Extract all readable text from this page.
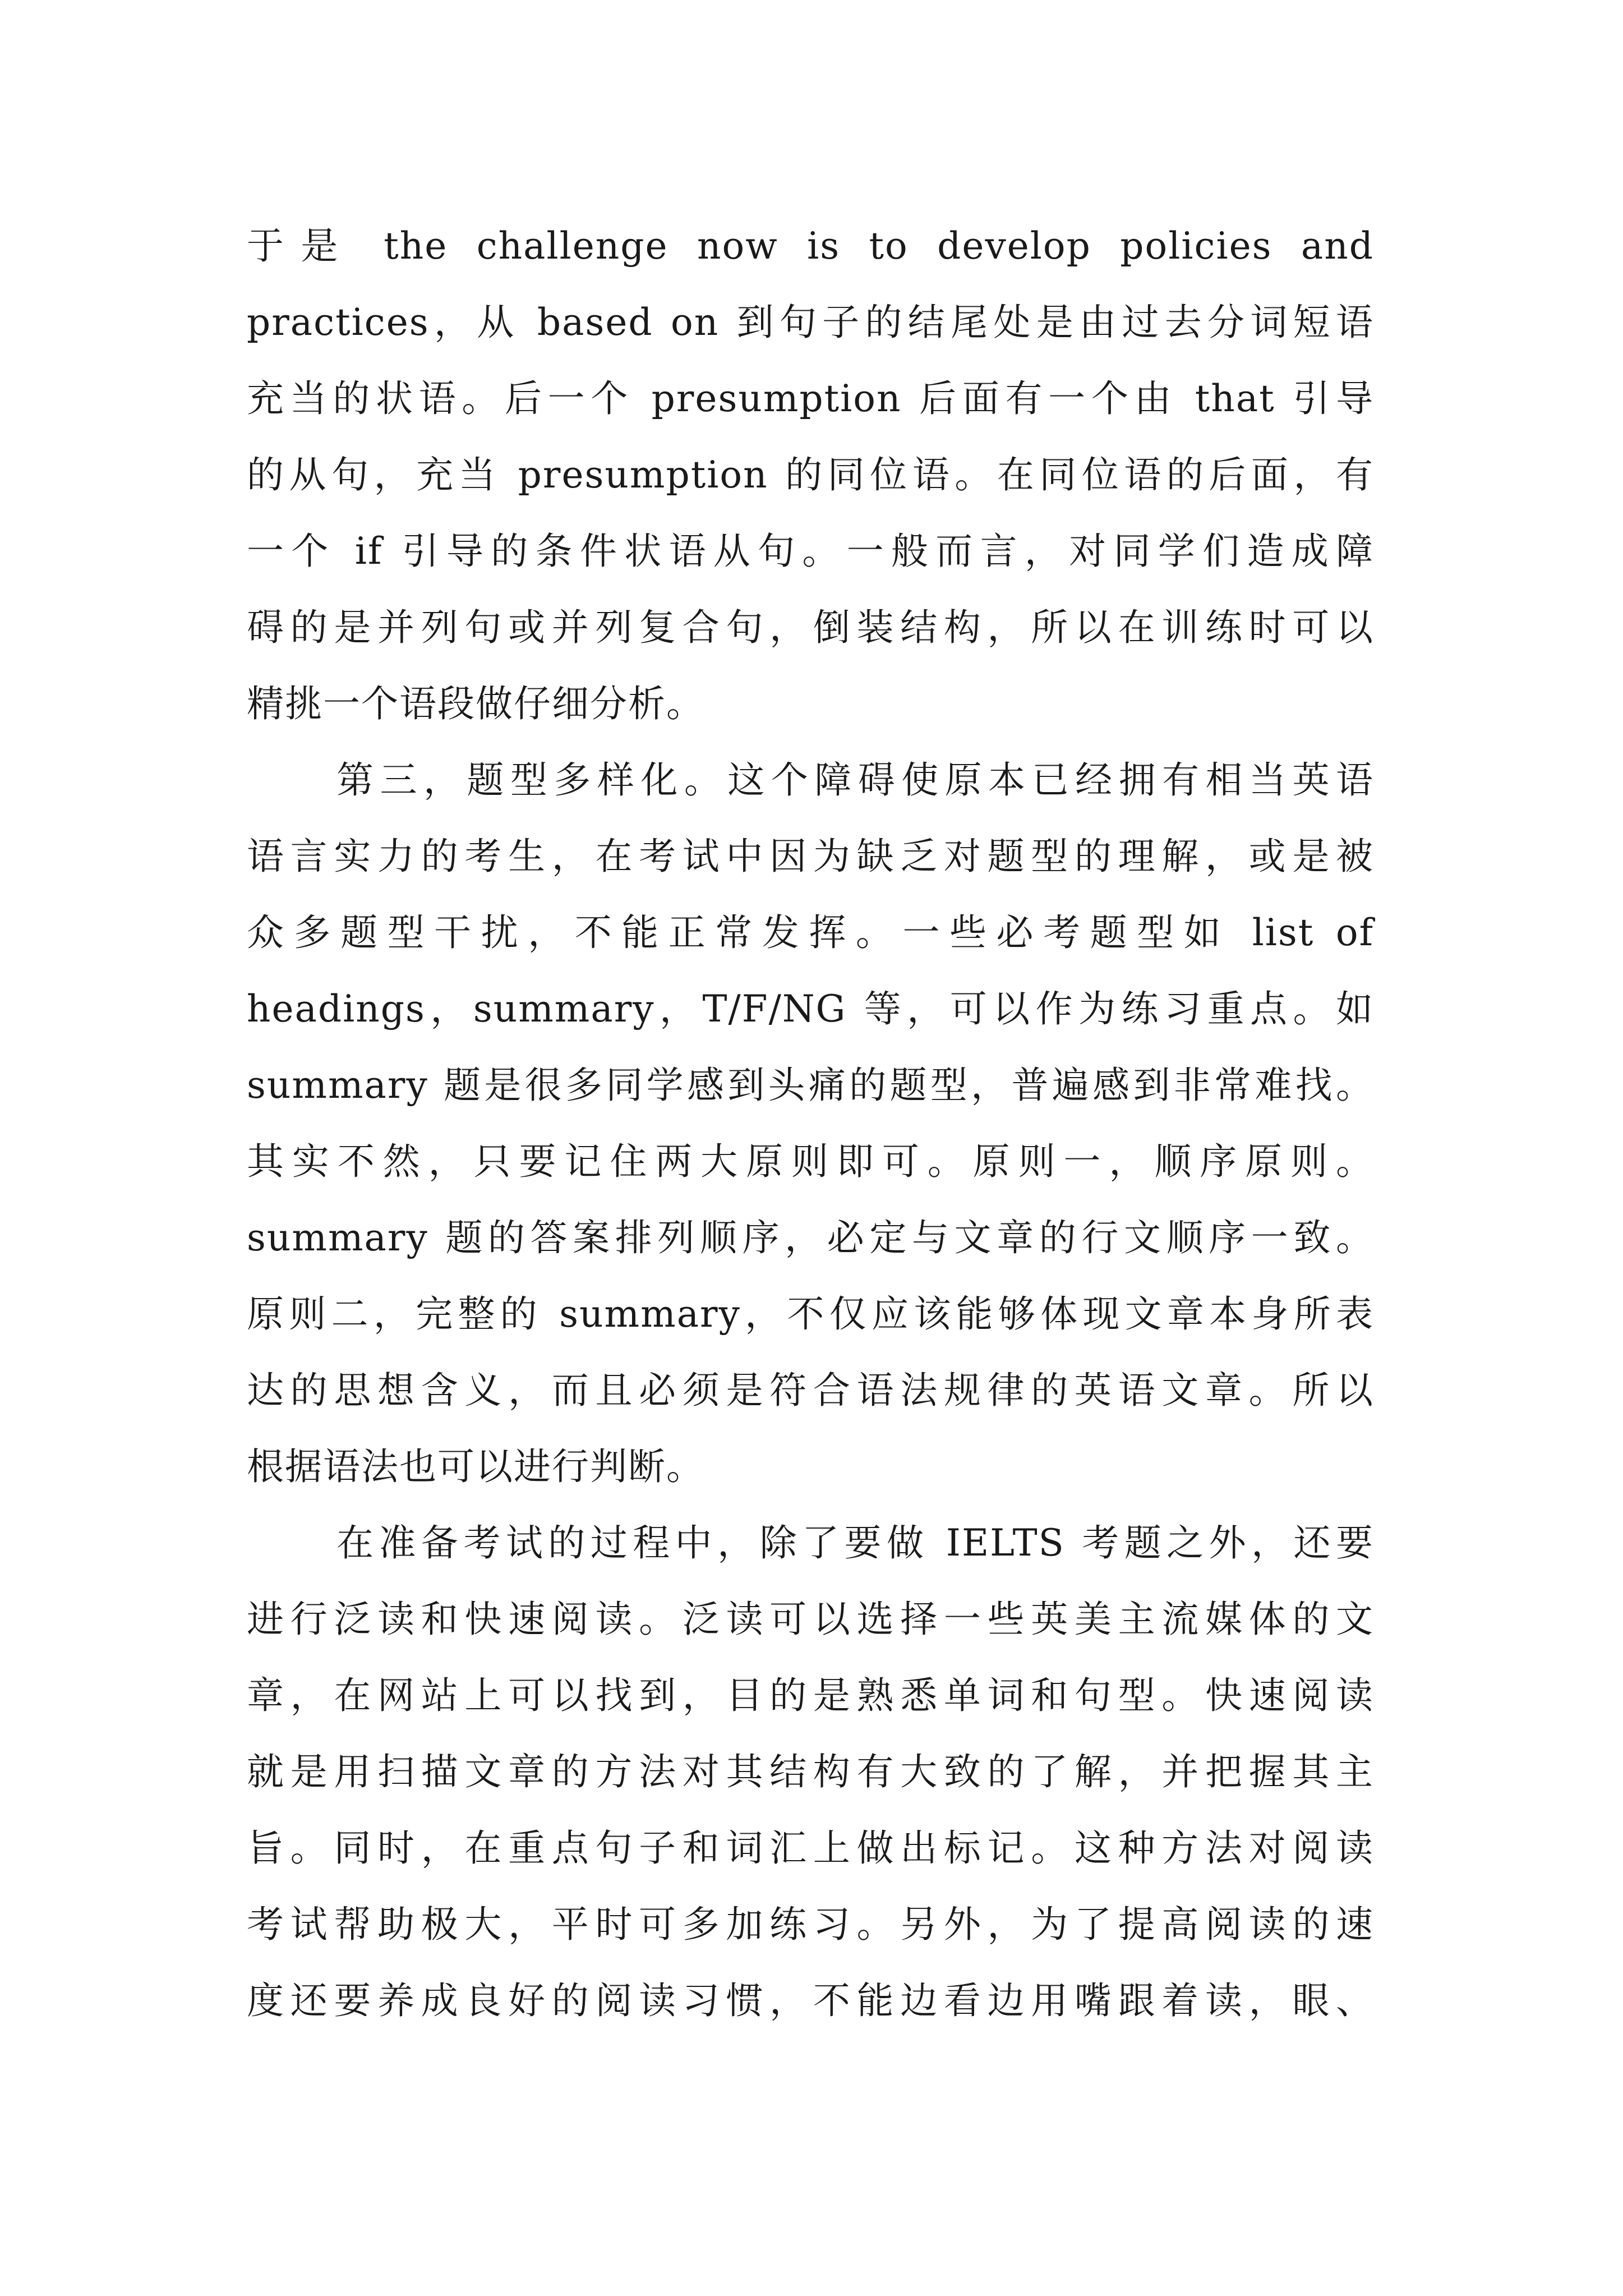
于是 the challenge now is to develop policies and
practices，从 based on 到句子的结尾处是由过去分词短语
充当的状语。后一个 presumption 后面有一个由 that 引导
的从句，充当 presumption 的同位语。在同位语的后面，有
一个 if 引导的条件状语从句。一般而言，对同学们造成障
碍的是并列句或并列复合句，倒装结构，所以在训练时可以
精挑一个语段做仔细分析。
第三，题型多样化。这个障碍使原本已经拥有相当英语
语言实力的考生，在考试中因为缺乏对题型的理解，或是被
众多题型干扰，不能正常发挥。一些必考题型如 list of
headings，summary，T/F/NG 等，可以作为练习重点。如
summary 题是很多同学感到头痛的题型，普遍感到非常难找。
其实不然，只要记住两大原则即可。原则一，顺序原则。
summary 题的答案排列顺序，必定与文章的行文顺序一致。
原则二，完整的 summary，不仅应该能够体现文章本身所表
达的思想含义，而且必须是符合语法规律的英语文章。所以
根据语法也可以进行判断。
在准备考试的过程中，除了要做 IELTS 考题之外，还要
进行泛读和快速阅读。泛读可以选择一些英美主流媒体的文
章，在网站上可以找到，目的是熟悉单词和句型。快速阅读
就是用扫描文章的方法对其结构有大致的了解，并把握其主
旨。同时，在重点句子和词汇上做出标记。这种方法对阅读
考试帮助极大，平时可多加练习。另外，为了提高阅读的速
度还要养成良好的阅读习惯，不能边看边用嘴跟着读，眼、
